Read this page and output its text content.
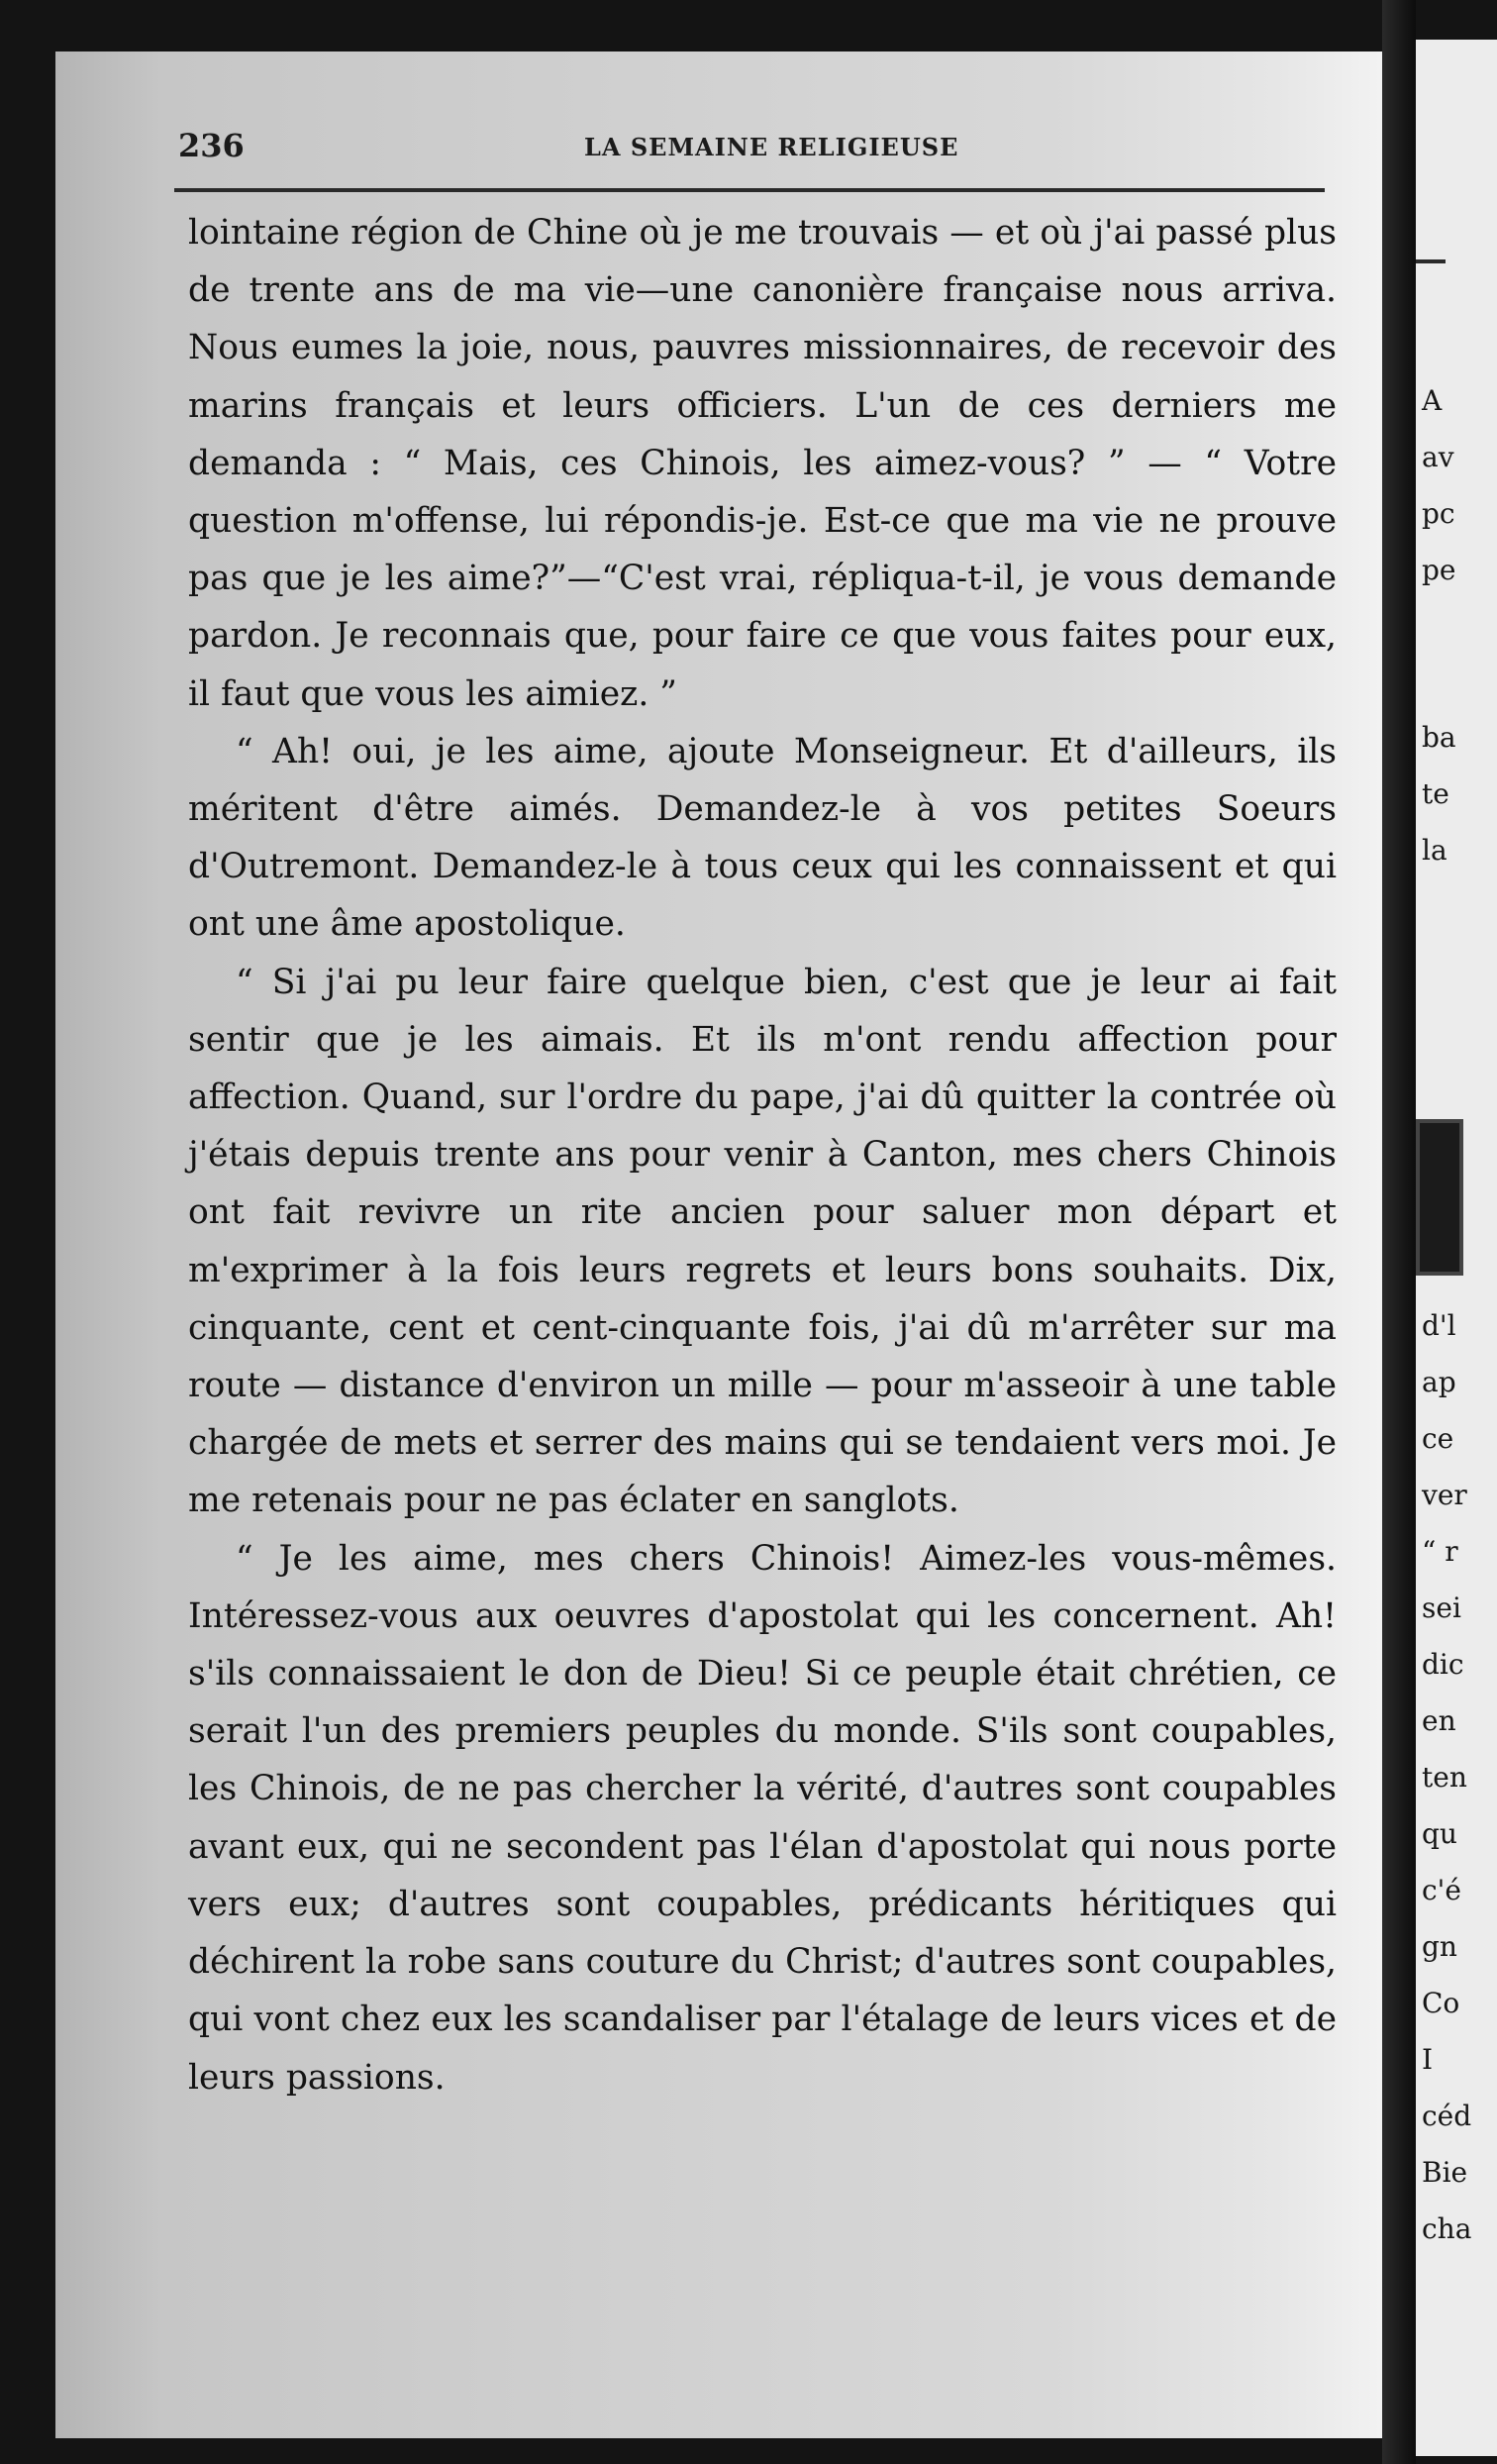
236	LA SEMAINE RELIGIEUSE

lointaine région de Chine où je me trouvais — et où j'ai passé plus de trente ans de ma vie—une canonière française nous arriva. Nous eumes la joie, nous, pauvres missionnaires, de recevoir des marins français et leurs officiers. L'un de ces derniers me demanda : “ Mais, ces Chinois, les aimez-vous? ” — “ Votre question m'offense, lui répondis-je. Est-ce que ma vie ne prouve pas que je les aime?”—“C'est vrai, répliqua-t-il, je vous demande pardon. Je reconnais que, pour faire ce que vous faites pour eux, il faut que vous les aimiez. ”

“ Ah! oui, je les aime, ajoute Monseigneur. Et d'ailleurs, ils méritent d'être aimés. Demandez-le à vos petites Soeurs d'Outremont. Demandez-le à tous ceux qui les connaissent et qui ont une âme apostolique.

“ Si j'ai pu leur faire quelque bien, c'est que je leur ai fait sentir que je les aimais. Et ils m'ont rendu affection pour affection. Quand, sur l'ordre du pape, j'ai dû quitter la contrée où j'étais depuis trente ans pour venir à Canton, mes chers Chinois ont fait revivre un rite ancien pour saluer mon départ et m'exprimer à la fois leurs regrets et leurs bons souhaits. Dix, cinquante, cent et cent-cinquante fois, j'ai dû m'arrêter sur ma route — distance d'environ un mille — pour m'asseoir à une table chargée de mets et serrer des mains qui se tendaient vers moi. Je me retenais pour ne pas éclater en sanglots.

“ Je les aime, mes chers Chinois! Aimez-les vous-mêmes. Intéressez-vous aux oeuvres d'apostolat qui les concernent. Ah! s'ils connaissaient le don de Dieu! Si ce peuple était chrétien, ce serait l'un des premiers peuples du monde. S'ils sont coupables, les Chinois, de ne pas chercher la vérité, d'autres sont coupables avant eux, qui ne secondent pas l'élan d'apostolat qui nous porte vers eux; d'autres sont coupables, prédicants héritiques qui déchirent la robe sans couture du Christ; d'autres sont coupables, qui vont chez eux les scandaliser par l'étalage de leurs vices et de leurs passions.

A
av
pc
pe
ba
te
la
d'l
ap
ce
ver
“ r
sei
dic
en
ten
qu
c'é
gn
Co
I
céd
Bie
cha
